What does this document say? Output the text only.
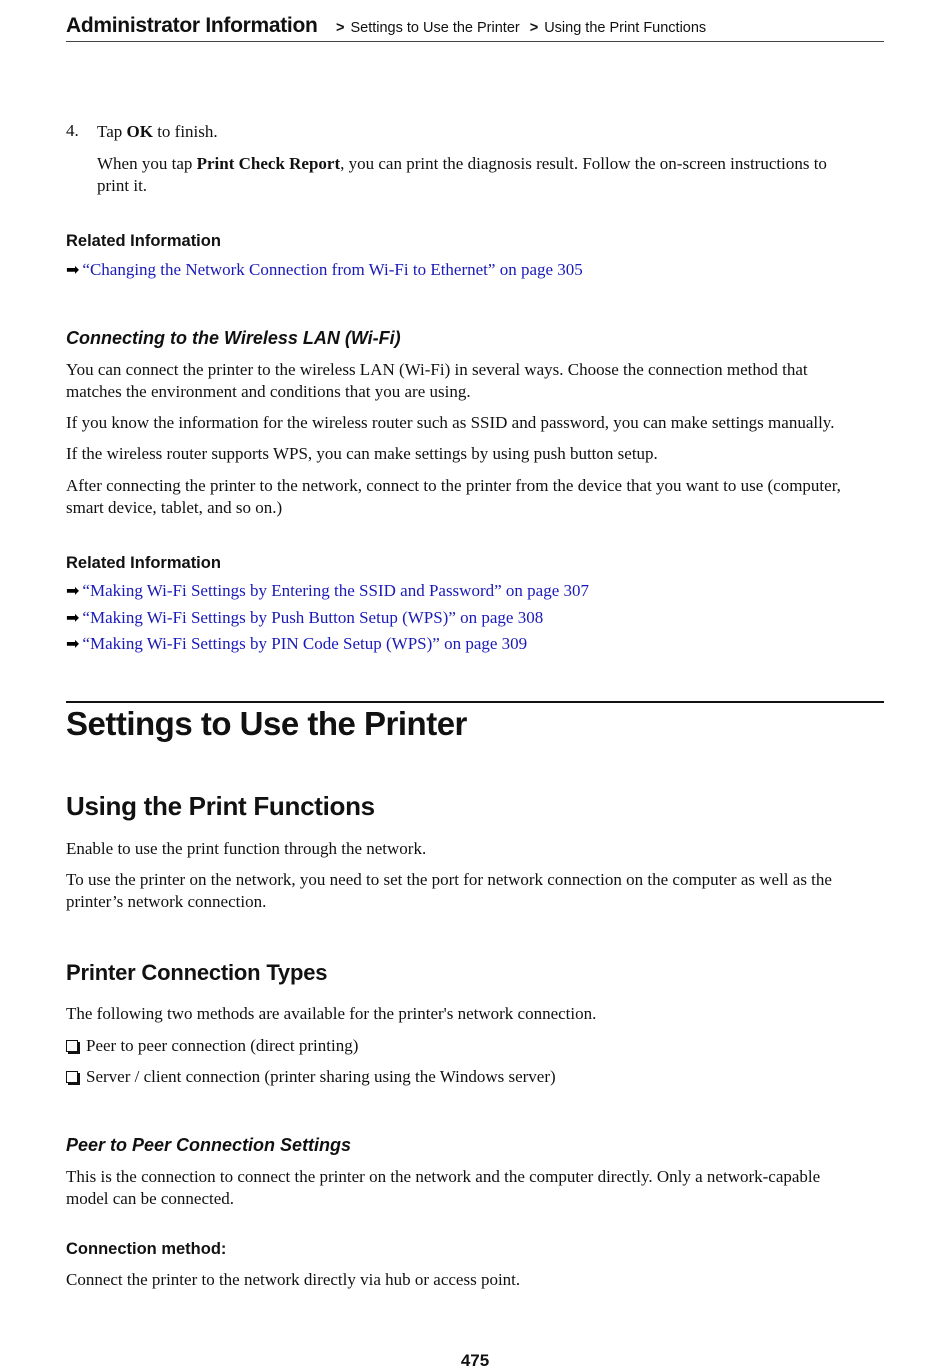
Administrator Information	> Settings to Use the Printer > Using the Print Functions
4. Tap OK to finish.
When you tap Print Check Report, you can print the diagnosis result. Follow the on-screen instructions to
print it.
Related Information
➡ “Changing the Network Connection from Wi-Fi to Ethernet” on page 305
Connecting to the Wireless LAN (Wi-Fi)
You can connect the printer to the wireless LAN (Wi-Fi) in several ways. Choose the connection method that
matches the environment and conditions that you are using.
If you know the information for the wireless router such as SSID and password, you can make settings manually.
If the wireless router supports WPS, you can make settings by using push button setup.
After connecting the printer to the network, connect to the printer from the device that you want to use (computer,
smart device, tablet, and so on.)
Related Information
➡ “Making Wi-Fi Settings by Entering the SSID and Password” on page 307
➡ “Making Wi-Fi Settings by Push Button Setup (WPS)” on page 308
➡ “Making Wi-Fi Settings by PIN Code Setup (WPS)” on page 309
Settings to Use the Printer
Using the Print Functions
Enable to use the print function through the network.
To use the printer on the network, you need to set the port for network connection on the computer as well as the
printer’s network connection.
Printer Connection Types
The following two methods are available for the printer's network connection.
Peer to peer connection (direct printing)
Server / client connection (printer sharing using the Windows server)
Peer to Peer Connection Settings
This is the connection to connect the printer on the network and the computer directly. Only a network-capable
model can be connected.
Connection method:
Connect the printer to the network directly via hub or access point.
475
